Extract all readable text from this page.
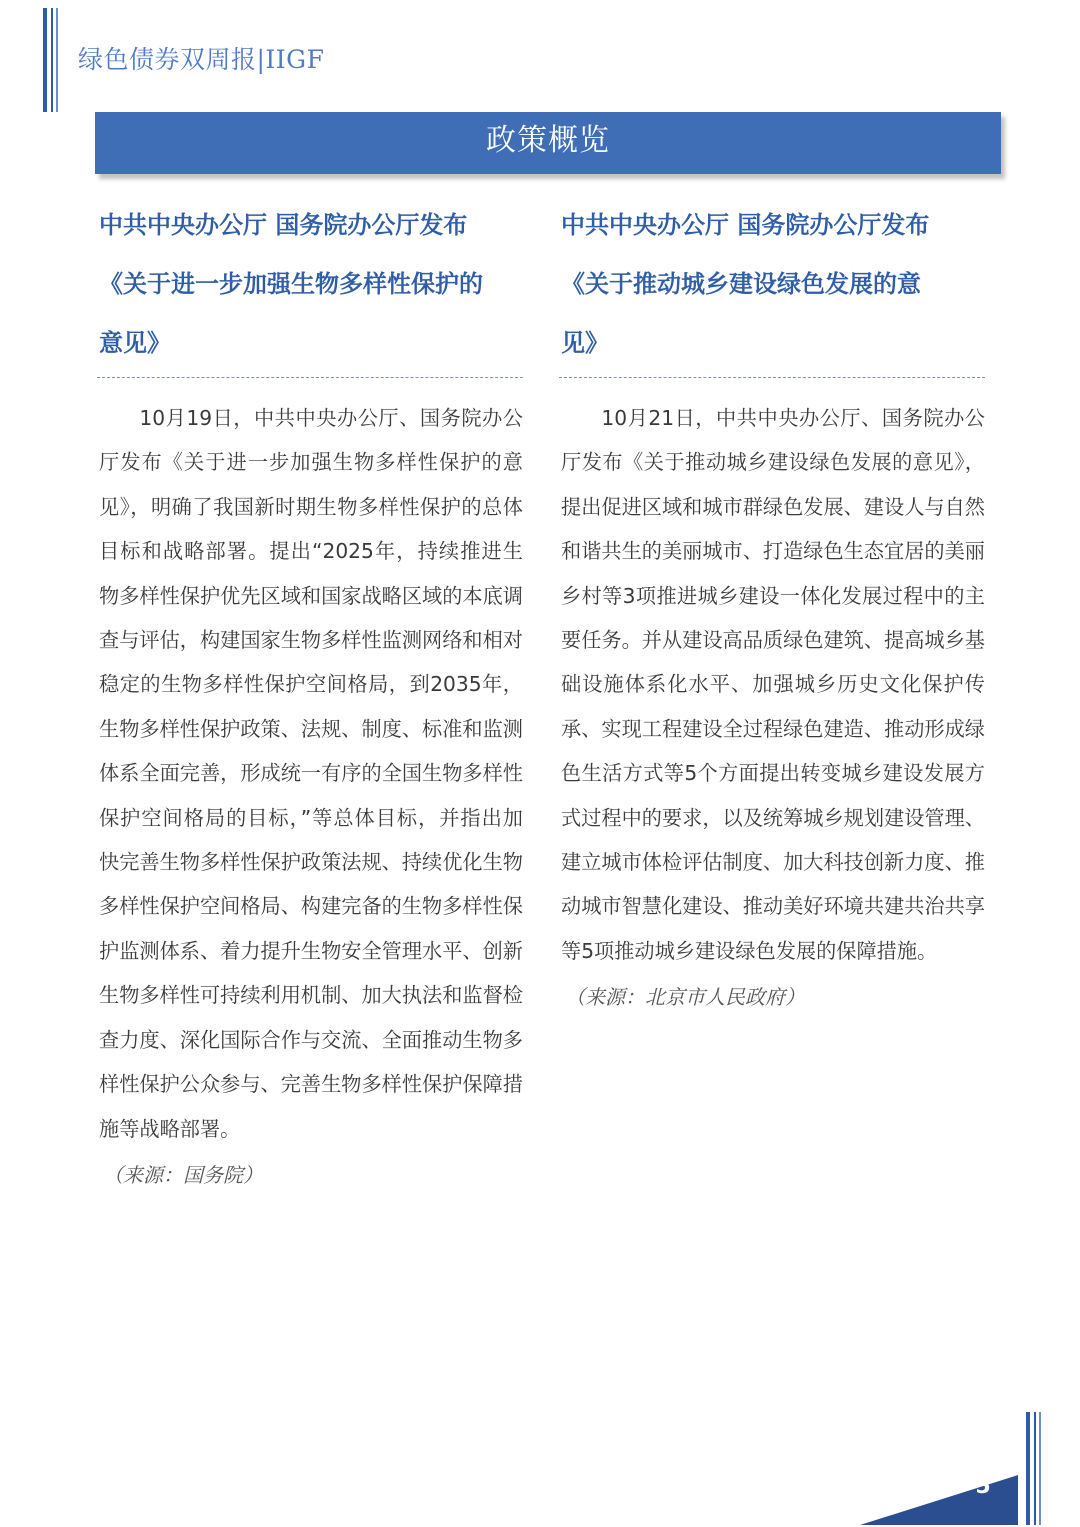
绿色债券双周报|IIGF
政策概览
中共中央办公厅 国务院办公厅发布
《关于进一步加强生物多样性保护的
意见》

10月19日，中共中央办公厅、国务院办公厅发布《关于进一步加强生物多样性保护的意见》，明确了我国新时期生物多样性保护的总体目标和战略部署。提出“2025年，持续推进生物多样性保护优先区域和国家战略区域的本底调查与评估，构建国家生物多样性监测网络和相对稳定的生物多样性保护空间格局，到2035年，生物多样性保护政策、法规、制度、标准和监测体系全面完善，形成统一有序的全国生物多样性保护空间格局的目标，”等总体目标，并指出加快完善生物多样性保护政策法规、持续优化生物多样性保护空间格局、构建完备的生物多样性保护监测体系、着力提升生物安全管理水平、创新生物多样性可持续利用机制、加大执法和监督检查力度、深化国际合作与交流、全面推动生物多样性保护公众参与、完善生物多样性保护保障措施等战略部署。

（来源：国务院）
中共中央办公厅 国务院办公厅发布
《关于推动城乡建设绿色发展的意
见》

10月21日，中共中央办公厅、国务院办公厅发布《关于推动城乡建设绿色发展的意见》，提出促进区域和城市群绿色发展、建设人与自然和谐共生的美丽城市、打造绿色生态宜居的美丽乡村等3项推进城乡建设一体化发展过程中的主要任务。并从建设高品质绿色建筑、提高城乡基础设施体系化水平、加强城乡历史文化保护传承、实现工程建设全过程绿色建造、推动形成绿色生活方式等5个方面提出转变城乡建设发展方式过程中的要求，以及统筹城乡规划建设管理、建立城市体检评估制度、加大科技创新力度、推动城市智慧化建设、推动美好环境共建共治共享等5项推动城乡建设绿色发展的保障措施。

（来源：北京市人民政府）
5
